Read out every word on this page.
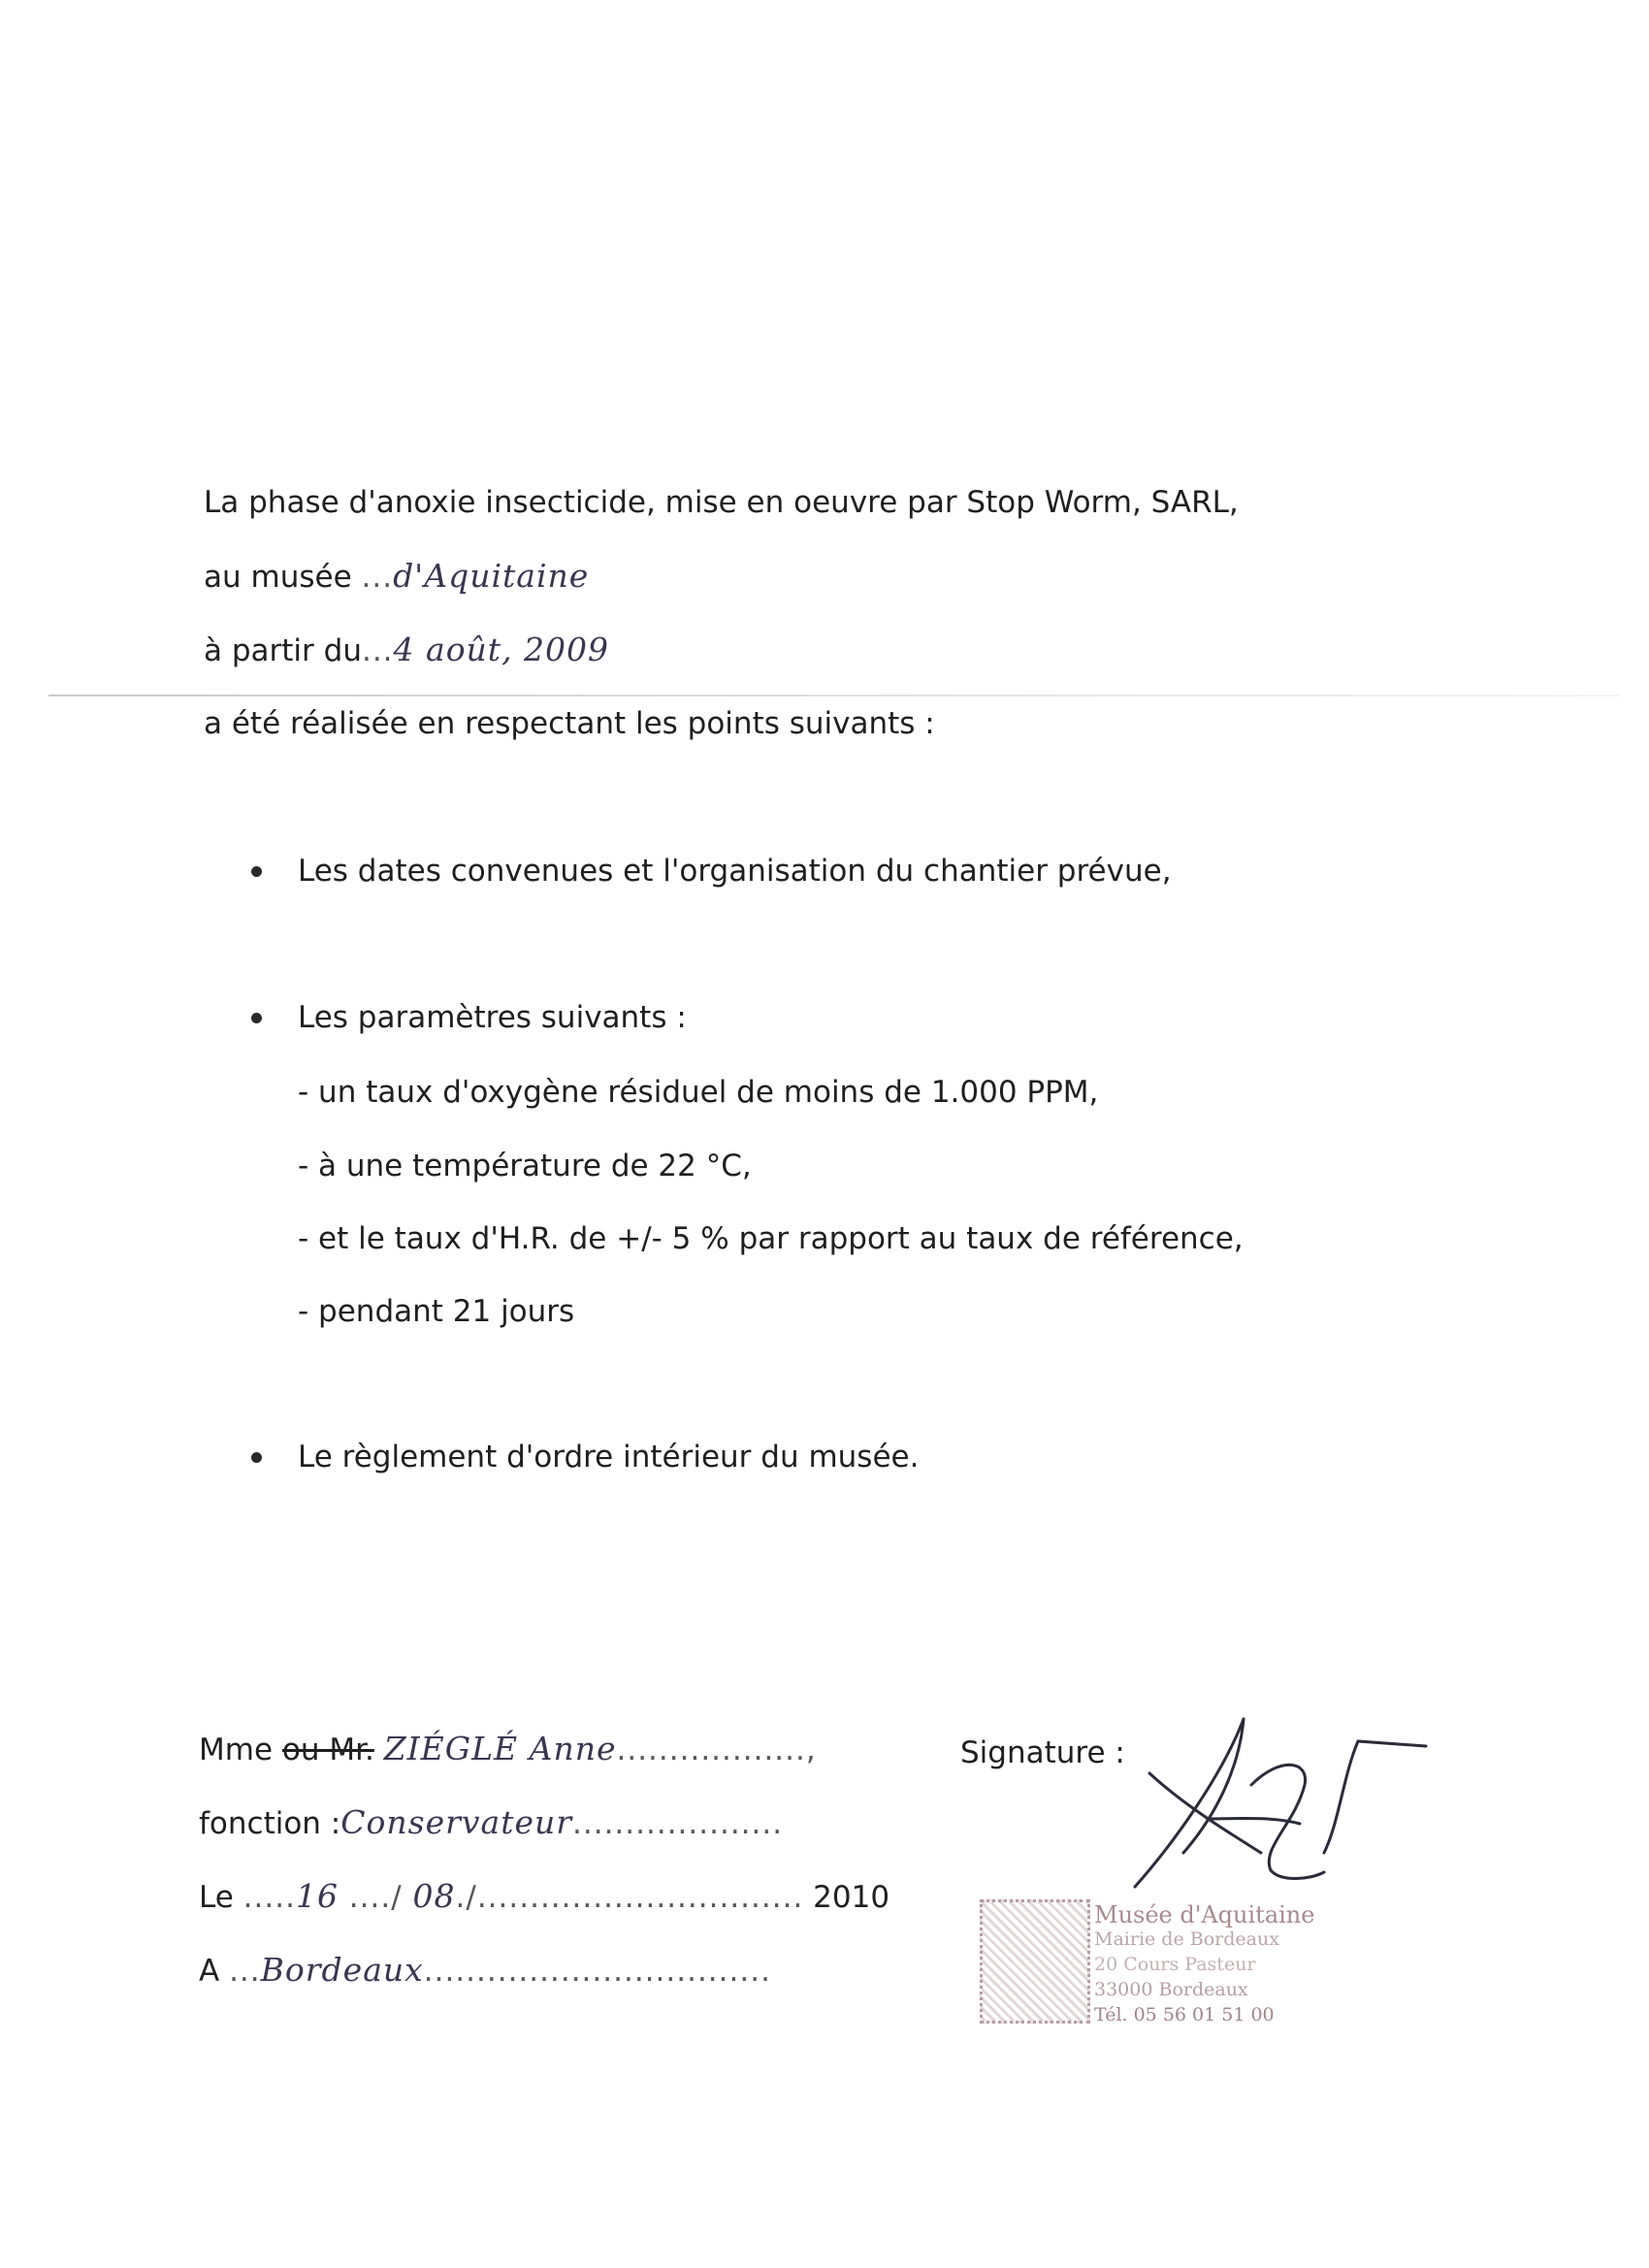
La phase d'anoxie insecticide, mise en oeuvre par Stop Worm, SARL,
au musée ...d'Aquitaine
à partir du...4 août, 2009
a été réalisée en respectant les points suivants :
Les dates convenues et l'organisation du chantier prévue,
Les paramètres suivants :
- un taux d'oxygène résiduel de moins de 1.000 PPM,
- à une température de 22 °C,
- et le taux d'H.R. de +/- 5 % par rapport au taux de référence,
- pendant 21 jours
Le règlement d'ordre intérieur du musée.
Mme ou Mr. ZIÉGLÉ Anne..................,
fonction :Conservateur....................
Le .....16 ..../ 08./............................... 2010
A ...Bordeaux.................................
Signature :
Musée d'Aquitaine
Mairie de Bordeaux
20 Cours Pasteur
33000 Bordeaux
Tél. 05 56 01 51 00
